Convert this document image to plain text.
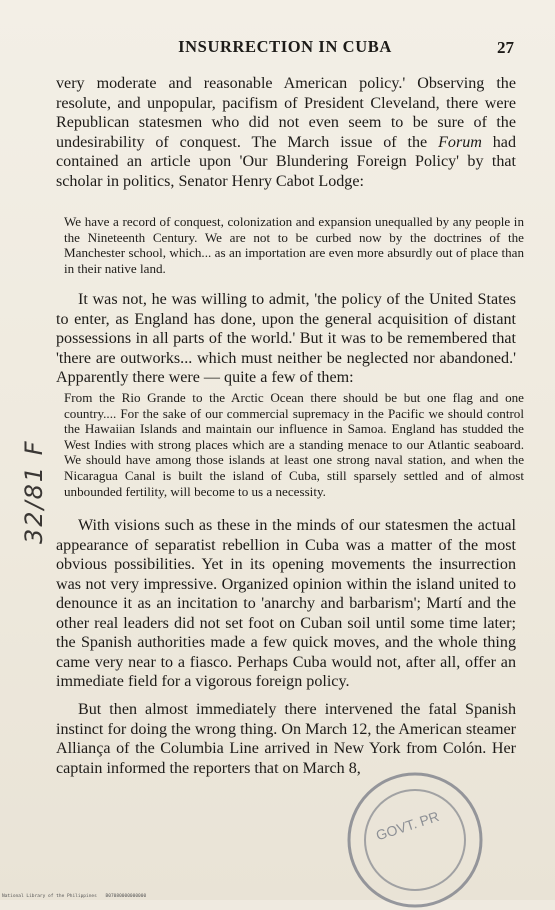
INSURRECTION IN CUBA	27

very moderate and reasonable American policy.' Observing the resolute, and unpopular, pacifism of President Cleveland, there were Republican statesmen who did not even seem to be sure of the undesirability of conquest. The March issue of the Forum had contained an article upon 'Our Blundering Foreign Policy' by that scholar in politics, Senator Henry Cabot Lodge:

We have a record of conquest, colonization and expansion unequalled by any people in the Nineteenth Century. We are not to be curbed now by the doctrines of the Manchester school, which... as an importation are even more absurdly out of place than in their native land.

It was not, he was willing to admit, 'the policy of the United States to enter, as England has done, upon the general acquisition of distant possessions in all parts of the world.' But it was to be remembered that 'there are outworks... which must neither be neglected nor abandoned.' Apparently there were — quite a few of them:

From the Rio Grande to the Arctic Ocean there should be but one flag and one country.... For the sake of our commercial supremacy in the Pacific we should control the Hawaiian Islands and maintain our influence in Samoa. England has studded the West Indies with strong places which are a standing menace to our Atlantic seaboard. We should have among those islands at least one strong naval station, and when the Nicaragua Canal is built the island of Cuba, still sparsely settled and of almost unbounded fertility, will become to us a necessity.

With visions such as these in the minds of our statesmen the actual appearance of separatist rebellion in Cuba was a matter of the most obvious possibilities. Yet in its opening movements the insurrection was not very impressive. Organized opinion within the island united to denounce it as an incitation to 'anarchy and barbarism'; Martí and the other real leaders did not set foot on Cuban soil until some time later; the Spanish authorities made a few quick moves, and the whole thing came very near to a fiasco. Perhaps Cuba would not, after all, offer an immediate field for a vigorous foreign policy.

But then almost immediately there intervened the fatal Spanish instinct for doing the wrong thing. On March 12, the American steamer Alliança of the Columbia Line arrived in New York from Colón. Her captain informed the reporters that on March 8,

32/81 F
GOVT. PR
National Library of the Philippines B07080000000000
